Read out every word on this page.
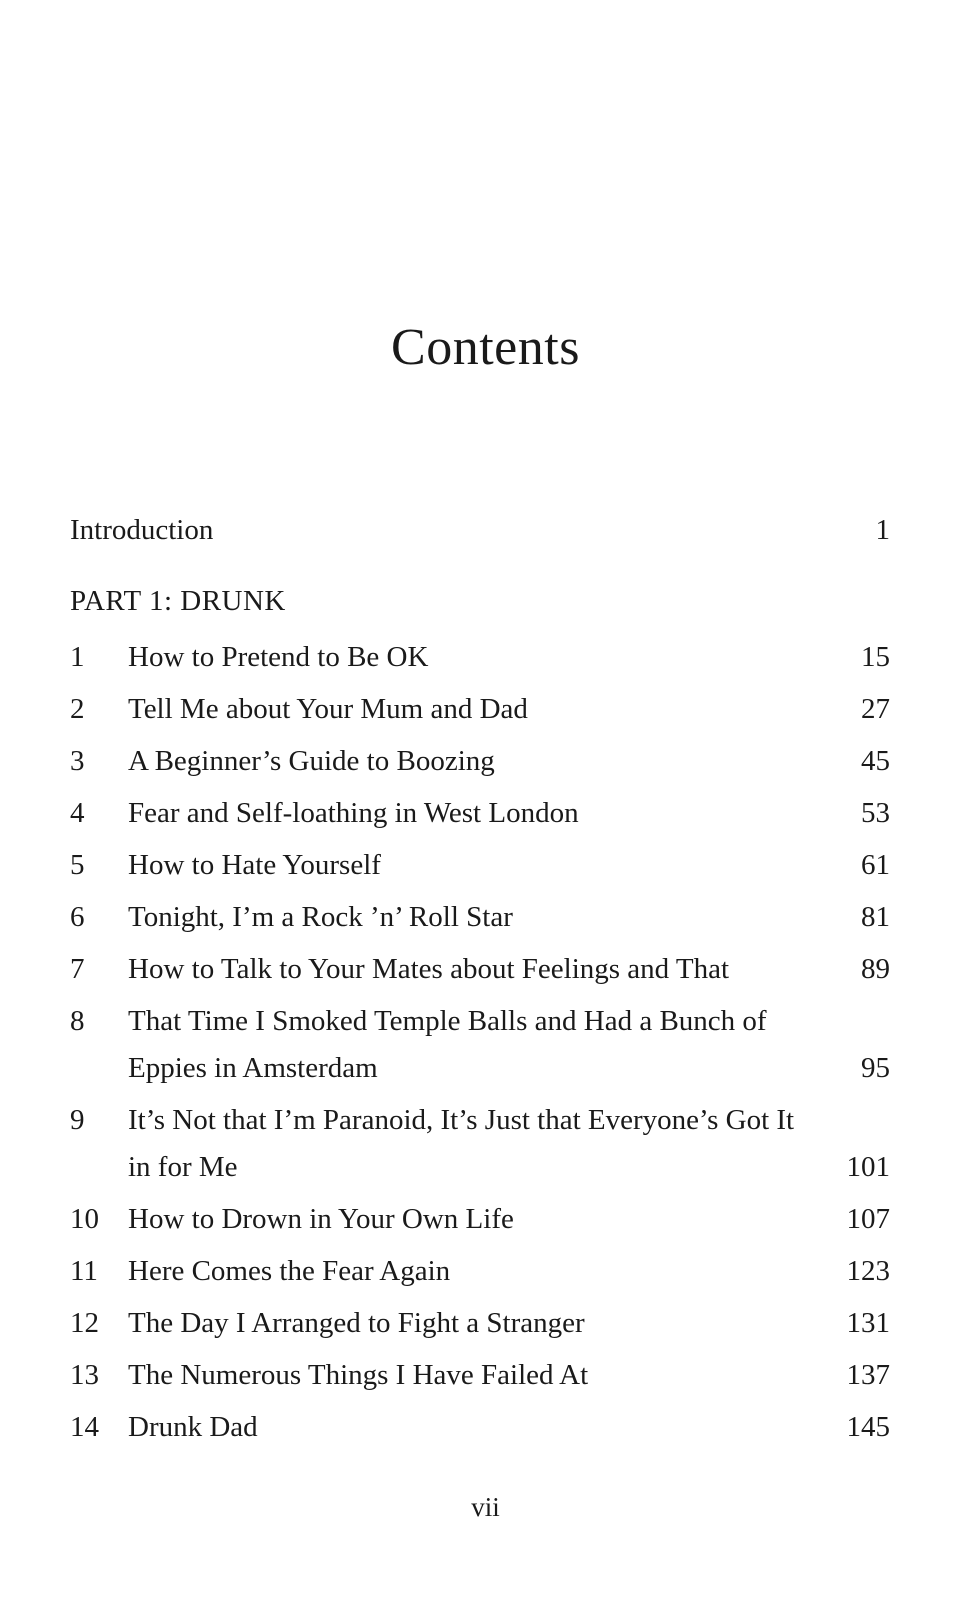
Contents
Introduction	1
PART 1: DRUNK
1	How to Pretend to Be OK	15
2	Tell Me about Your Mum and Dad	27
3	A Beginner’s Guide to Boozing	45
4	Fear and Self-loathing in West London	53
5	How to Hate Yourself	61
6	Tonight, I’m a Rock ’n’ Roll Star	81
7	How to Talk to Your Mates about Feelings and That	89
8	That Time I Smoked Temple Balls and Had a Bunch of Eppies in Amsterdam	95
9	It’s Not that I’m Paranoid, It’s Just that Everyone’s Got It in for Me	101
10	How to Drown in Your Own Life	107
11	Here Comes the Fear Again	123
12	The Day I Arranged to Fight a Stranger	131
13	The Numerous Things I Have Failed At	137
14	Drunk Dad	145
vii
